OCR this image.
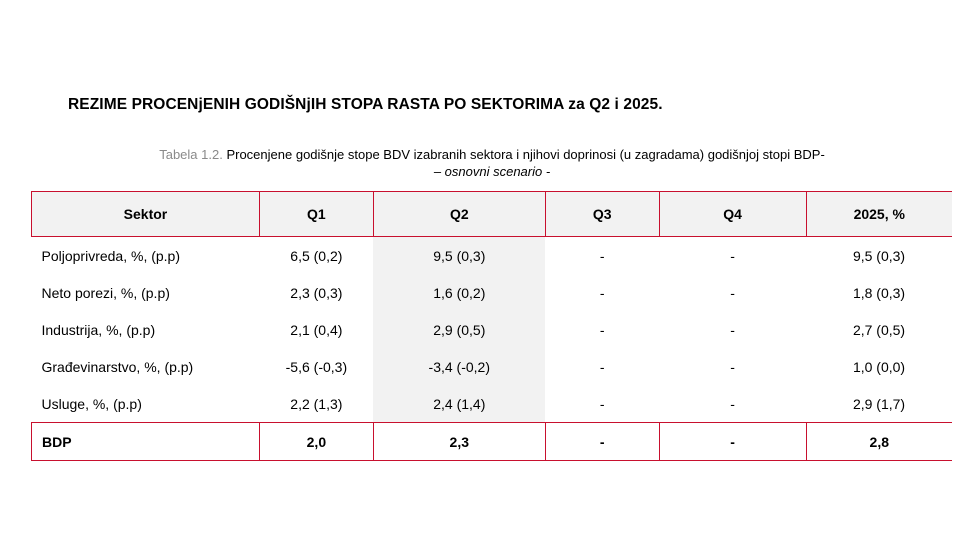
REZIME PROCENjENIH GODIŠNjIH STOPA RASTA PO SEKTORIMA za Q2 i 2025.
Tabela 1.2. Procenjene godišnje stope BDV izabranih sektora i njihovi doprinosi (u zagradama) godišnjoj stopi BDP-
– osnovni scenario -
Sektor	Q1	Q2	Q3	Q4	2025, %
Poljoprivreda, %, (p.p)	6,5 (0,2)	9,5 (0,3)	-	-	9,5 (0,3)
Neto porezi, %, (p.p)	2,3 (0,3)	1,6 (0,2)	-	-	1,8 (0,3)
Industrija, %, (p.p)	2,1 (0,4)	2,9 (0,5)	-	-	2,7 (0,5)
Građevinarstvo, %, (p.p)	-5,6 (-0,3)	-3,4 (-0,2)	-	-	1,0 (0,0)
Usluge, %, (p.p)	2,2 (1,3)	2,4 (1,4)	-	-	2,9 (1,7)
BDP	2,0	2,3	-	-	2,8
